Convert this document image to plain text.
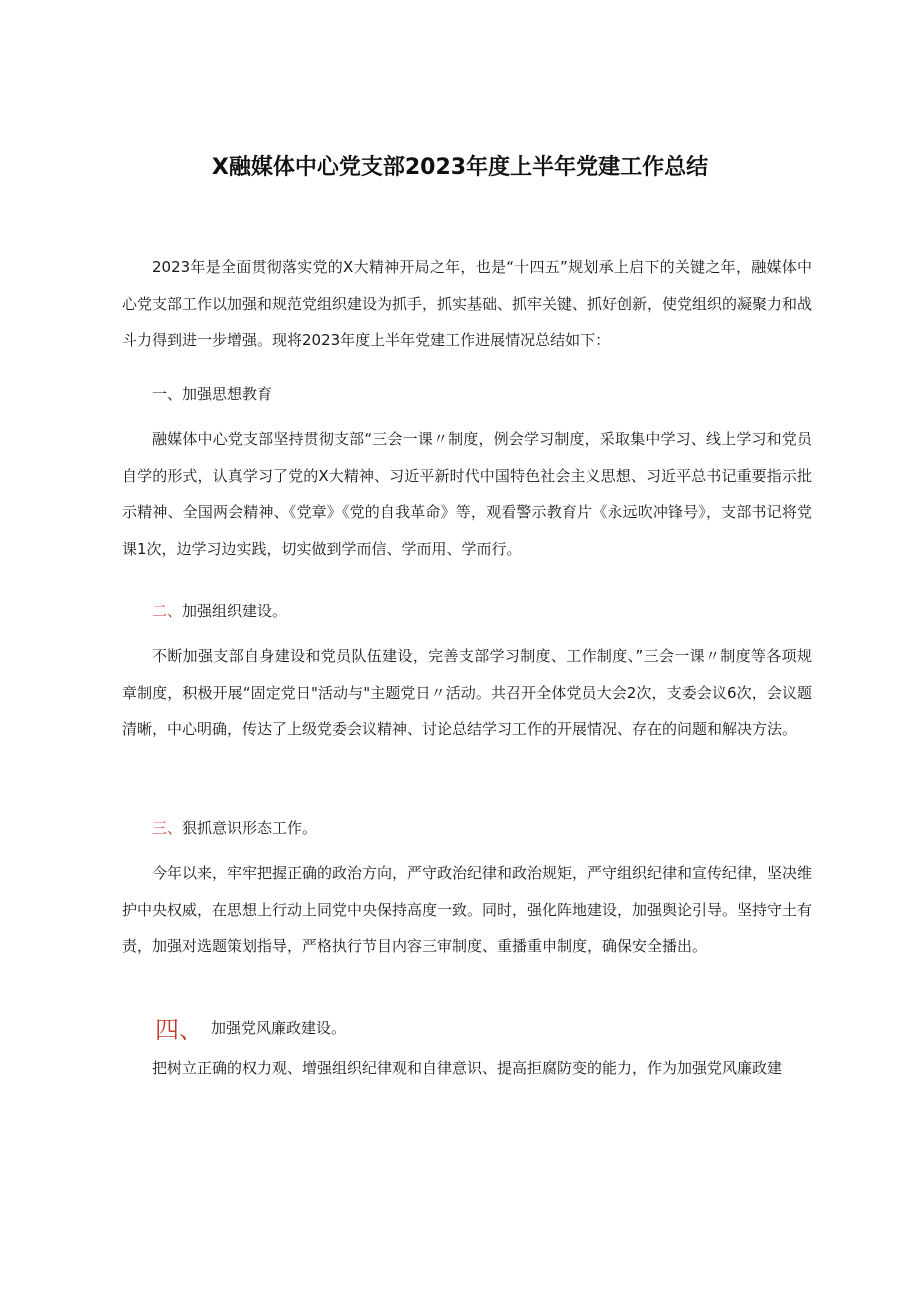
X融媒体中心党支部2023年度上半年党建工作总结

2023年是全面贯彻落实党的X大精神开局之年，也是“十四五”规划承上启下的关键之年，融媒体中心党支部工作以加强和规范党组织建设为抓手，抓实基础、抓牢关键、抓好创新，使党组织的凝聚力和战斗力得到进一步增强。现将2023年度上半年党建工作进展情况总结如下：

一、加强思想教育

融媒体中心党支部坚持贯彻支部“三会一课〃制度，例会学习制度，采取集中学习、线上学习和党员自学的形式，认真学习了党的X大精神、习近平新时代中国特色社会主义思想、习近平总书记重要指示批示精神、全国两会精神、《党章》《党的自我革命》等，观看警示教育片《永远吹冲锋号》，支部书记将党课1次，边学习边实践，切实做到学而信、学而用、学而行。

二、加强组织建设。

不断加强支部自身建设和党员队伍建设，完善支部学习制度、工作制度、”三会一课〃制度等各项规章制度，积极开展“固定党日"活动与"主题党日〃活动。共召开全体党员大会2次，支委会议6次，会议题清晰，中心明确，传达了上级党委会议精神、讨论总结学习工作的开展情况、存在的问题和解决方法。

三、狠抓意识形态工作。

今年以来，牢牢把握正确的政治方向，严守政治纪律和政治规矩，严守组织纪律和宣传纪律，坚决维护中央权威，在思想上行动上同党中央保持高度一致。同时，强化阵地建设，加强舆论引导。坚持守土有责，加强对选题策划指导，严格执行节目内容三审制度、重播重申制度，确保安全播出。

四、 加强党风廉政建设。

把树立正确的权力观、增强组织纪律观和自律意识、提高拒腐防变的能力，作为加强党风廉政建
